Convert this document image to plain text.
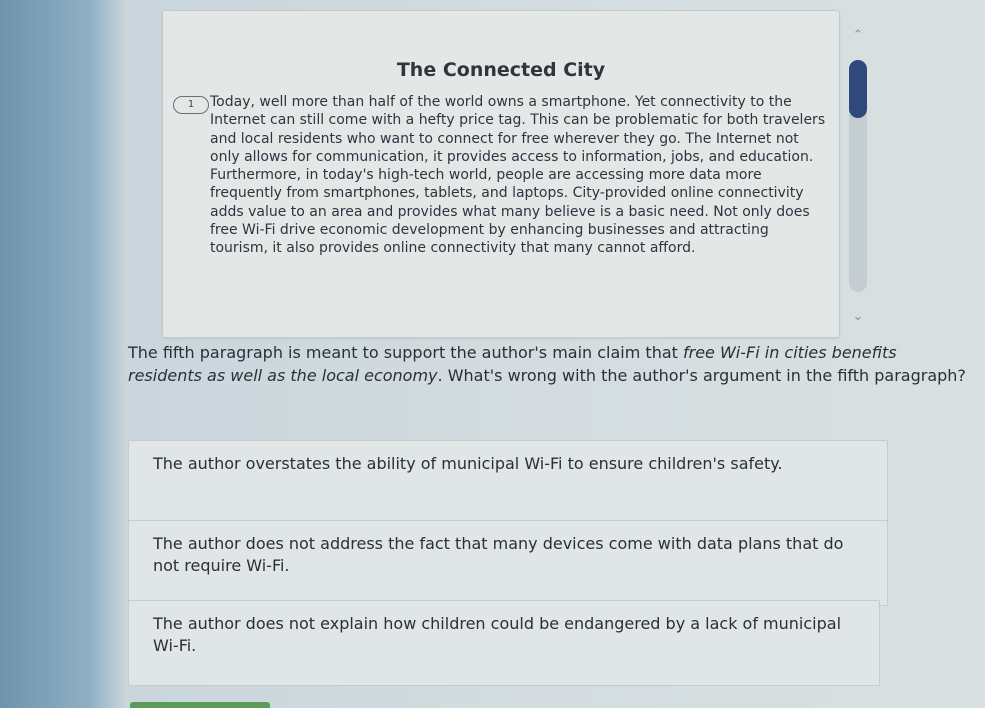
The Connected City
1	Today, well more than half of the world owns a smartphone. Yet connectivity to the Internet can still come with a hefty price tag. This can be problematic for both travelers and local residents who want to connect for free wherever they go. The Internet not only allows for communication, it provides access to information, jobs, and education. Furthermore, in today's high-tech world, people are accessing more data more frequently from smartphones, tablets, and laptops. City-provided online connectivity adds value to an area and provides what many believe is a basic need. Not only does free Wi-Fi drive economic development by enhancing businesses and attracting tourism, it also provides online connectivity that many cannot afford.
⌃
⌄
The fifth paragraph is meant to support the author's main claim that free Wi-Fi in cities benefits residents as well as the local economy. What's wrong with the author's argument in the fifth paragraph?
The author overstates the ability of municipal Wi-Fi to ensure children's safety.
The author does not address the fact that many devices come with data plans that do not require Wi-Fi.
The author does not explain how children could be endangered by a lack of municipal Wi-Fi.
